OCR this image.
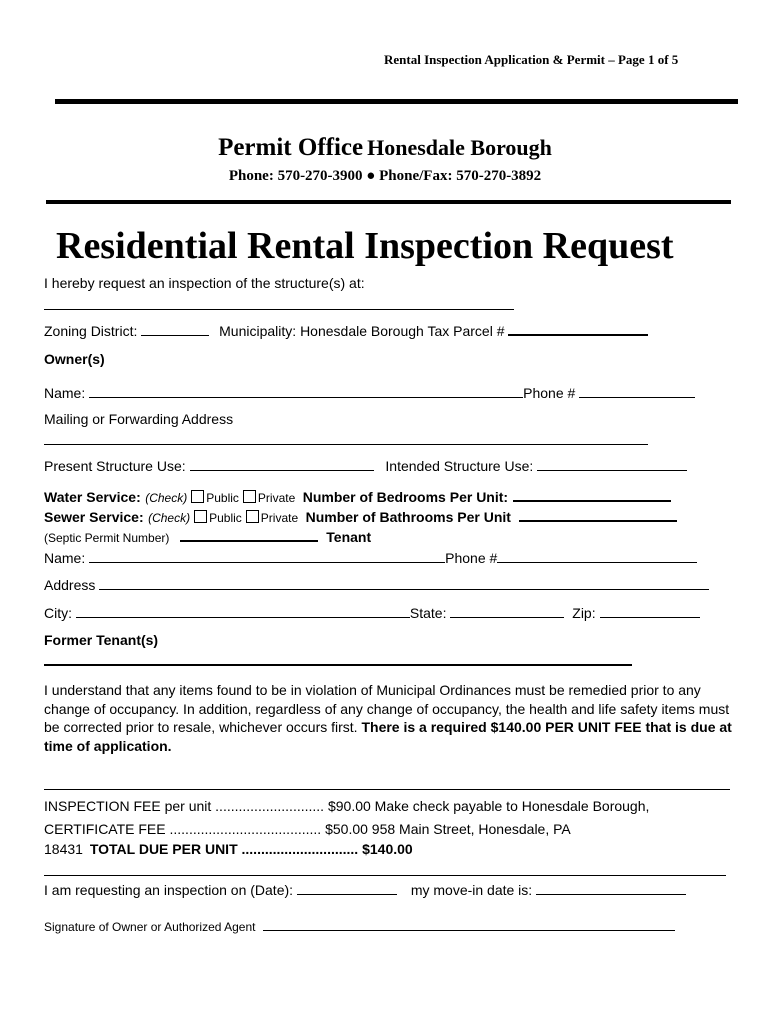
Rental Inspection Application & Permit – Page 1 of 5
Permit Office Honesdale Borough
Phone: 570-270-3900 ● Phone/Fax: 570-270-3892
Residential Rental Inspection Request
I hereby request an inspection of the structure(s) at:
Zoning District:	Municipality: Honesdale Borough Tax Parcel #
Owner(s)
Name:	Phone #
Mailing or Forwarding Address
Present Structure Use:	Intended Structure Use:
Water Service: (Check) Public Private Number of Bedrooms Per Unit:
Sewer Service: (Check) Public Private Number of Bathrooms Per Unit
(Septic Permit Number)	Tenant
Name:	Phone #
Address
City:	State:	Zip:
Former Tenant(s)
I understand that any items found to be in violation of Municipal Ordinances must be remedied prior to any change of occupancy. In addition, regardless of any change of occupancy, the health and life safety items must be corrected prior to resale, whichever occurs first. There is a required $140.00 PER UNIT FEE that is due at time of application.
INSPECTION FEE per unit ............................ $90.00 Make check payable to Honesdale Borough,
CERTIFICATE FEE ....................................... $50.00 958 Main Street, Honesdale, PA
18431 TOTAL DUE PER UNIT .............................. $140.00
I am requesting an inspection on (Date):	my move-in date is:
Signature of Owner or Authorized Agent
